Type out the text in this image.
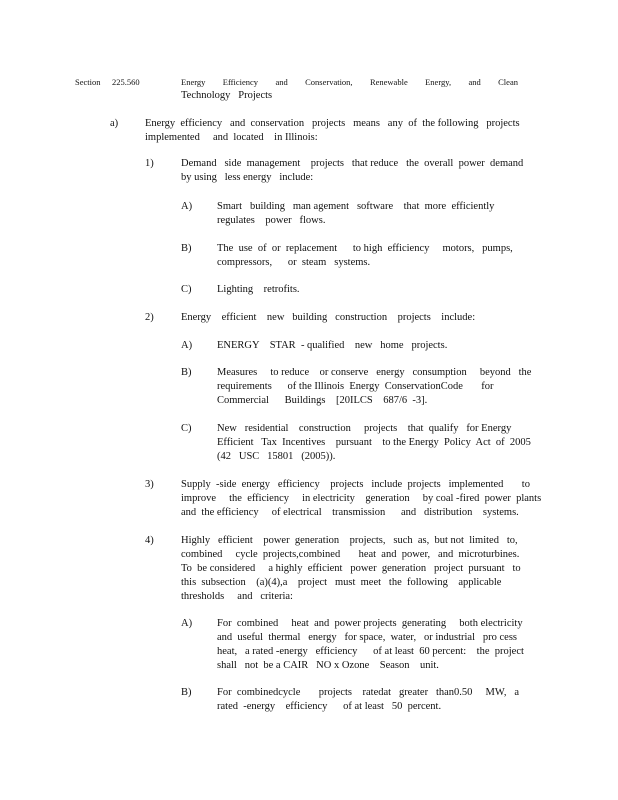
Section 225.560	Energy Efficiency and Conservation, Renewable Energy, and Clean
Technology   Projects
a)	Energy  efficiency   and  conservation   projects   means   any  of  the following   projects
implemented     and  located    in Illinois:
1)	Demand   side  management    projects   that reduce   the  overall  power  demand
by using   less energy   include:
A) Smart   building   man agement   software    that  more  efficiently
regulates    power   flows.
B) The  use  of  or  replacement      to high  efficiency     motors,   pumps,
compressors,      or  steam   systems.
C) Lighting    retrofits.
2)	Energy    efficient    new   building   construction    projects    include:
A) ENERGY    STAR  - qualified    new   home   projects.
B) Measures     to reduce    or conserve   energy   consumption     beyond   the
requirements      of the Illinois  Energy  ConservationCode       for
Commercial      Buildings    [20ILCS    687/6  -3].
C) New   residential    construction     projects    that  qualify   for Energy
Efficient   Tax  Incentives    pursuant    to the Energy  Policy  Act  of  2005
(42   USC   15801   (2005)).
3)	Supply  -side  energy   efficiency    projects   include  projects   implemented       to
improve     the  efficiency     in electricity    generation     by coal -fired  power  plants
and  the efficiency     of electrical    transmission      and   distribution    systems.
4)	Highly   efficient    power  generation    projects,   such  as,  but not  limited   to,
combined     cycle  projects,combined       heat  and  power,   and  microturbines.
To  be considered     a highly  efficient   power  generation   project  pursuant   to
this  subsection    (a)(4),a    project   must  meet   the  following    applicable
thresholds     and   criteria:
A) For  combined     heat  and  power projects  generating     both electricity
and  useful  thermal   energy   for space,  water,   or industrial   pro cess
heat,   a rated -energy   efficiency      of at least  60 percent:    the  project
shall   not  be a CAIR   NO x Ozone    Season    unit.
B) For  combinedcycle       projects    ratedat   greater   than0.50     MW,   a
rated  -energy    efficiency      of at least   50  percent.
